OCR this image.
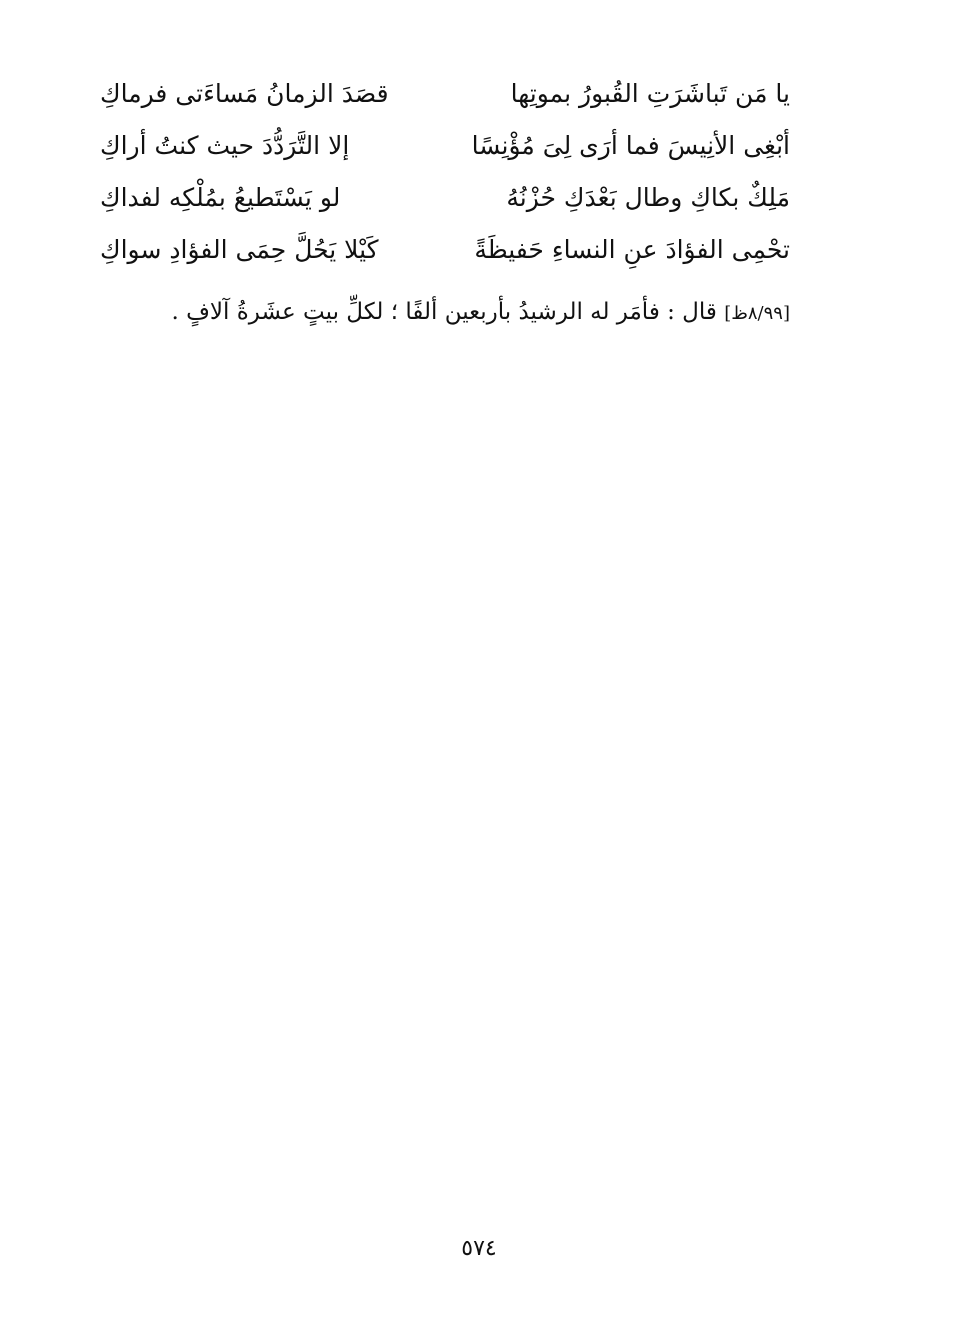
يا مَن تَباشَرَتِ القُبورُ بموتِها
قصَدَ الزمانُ مَساءَتى فرماكِ
أبْغِى الأنِيسَ فما أرَى لِىَ مُؤْنِسًا
إلا التَّرَدُّدَ حيث كنتُ أراكِ
مَلِكٌ بكاكِ وطال بَعْدَكِ حُزْنُهُ
لو يَسْتَطيعُ بمُلْكِه لفداكِ
تحْمِى الفؤادَ عنِ النساءِ حَفيظَةً
كَيْلا يَحُلَّ حِمَى الفؤادِ سواكِ
[٨/٩٩ظ] قال : فأمَر له الرشيدُ بأربعين ألفًا ؛ لكلِّ بيتٍ عشَرةُ آلافٍ .
٥٧٤
